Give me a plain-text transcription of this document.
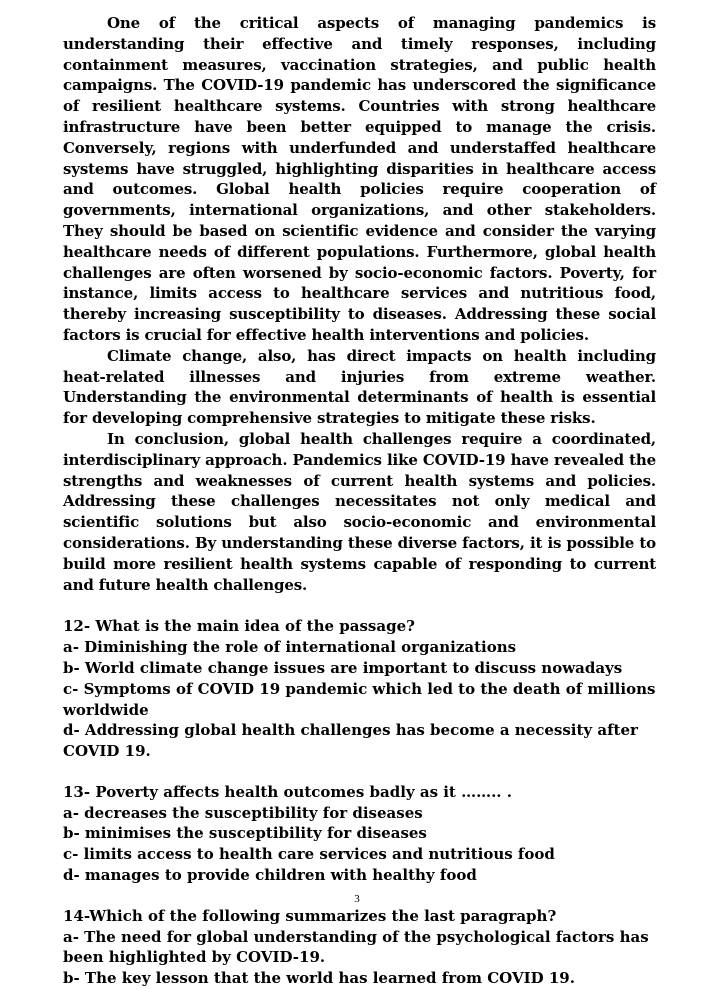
One of the critical aspects of managing pandemics is understanding their effective and timely responses, including containment measures, vaccination strategies, and public health campaigns. The COVID-19 pandemic has underscored the significance of resilient healthcare systems. Countries with strong healthcare infrastructure have been better equipped to manage the crisis. Conversely, regions with underfunded and understaffed healthcare systems have struggled, highlighting disparities in healthcare access and outcomes. Global health policies require cooperation of governments, international organizations, and other stakeholders. They should be based on scientific evidence and consider the varying healthcare needs of different populations. Furthermore, global health challenges are often worsened by socio-economic factors. Poverty, for instance, limits access to healthcare services and nutritious food, thereby increasing susceptibility to diseases. Addressing these social factors is crucial for effective health interventions and policies.

Climate change, also, has direct impacts on health including heat-related illnesses and injuries from extreme weather. Understanding the environmental determinants of health is essential for developing comprehensive strategies to mitigate these risks.

In conclusion, global health challenges require a coordinated, interdisciplinary approach. Pandemics like COVID-19 have revealed the strengths and weaknesses of current health systems and policies. Addressing these challenges necessitates not only medical and scientific solutions but also socio-economic and environmental considerations. By understanding these diverse factors, it is possible to build more resilient health systems capable of responding to current and future health challenges.

12- What is the main idea of the passage?
a- Diminishing the role of international organizations
b- World climate change issues are important to discuss nowadays
c- Symptoms of COVID 19 pandemic which led to the death of millions worldwide
d- Addressing global health challenges has become a necessity after COVID 19.
13- Poverty affects health outcomes badly as it …….. .
a- decreases the susceptibility for diseases
b- minimises the susceptibility for diseases
c- limits access to health care services and nutritious food
d- manages to provide children with healthy food
14-Which of the following summarizes the last paragraph?
a- The need for global understanding of the psychological factors has been highlighted by COVID-19.
b- The key lesson that the world has learned from COVID 19.
3
